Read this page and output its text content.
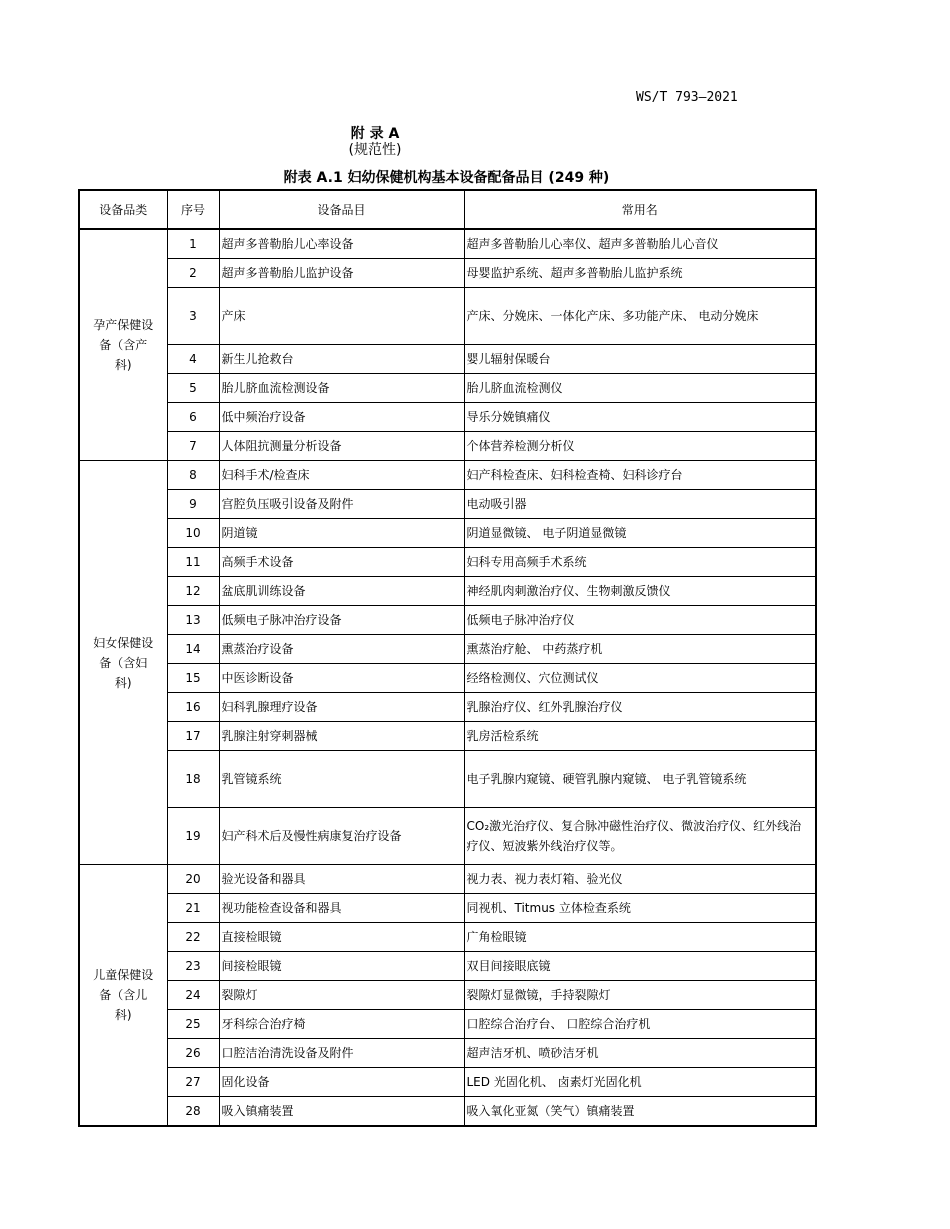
WS/T 793—2021
附 录 A
(规范性)
附表 A.1 妇幼保健机构基本设备配备品目 (249 种)
设备品类	序号	设备品目	常用名
孕产保健设备（含产科)	1	超声多普勒胎儿心率设备	超声多普勒胎儿心率仪、超声多普勒胎儿心音仪
	2	超声多普勒胎儿监护设备	母婴监护系统、超声多普勒胎儿监护系统
	3	产床	产床、分娩床、一体化产床、多功能产床、 电动分娩床
	4	新生儿抢救台	婴儿辐射保暖台
	5	胎儿脐血流检测设备	胎儿脐血流检测仪
	6	低中频治疗设备	导乐分娩镇痛仪
	7	人体阻抗测量分析设备	个体营养检测分析仪
妇女保健设备（含妇科)	8	妇科手术/检查床	妇产科检查床、妇科检查椅、妇科诊疗台
	9	宫腔负压吸引设备及附件	电动吸引器
	10	阴道镜	阴道显微镜、 电子阴道显微镜
	11	高频手术设备	妇科专用高频手术系统
	12	盆底肌训练设备	神经肌肉刺激治疗仪、生物刺激反馈仪
	13	低频电子脉冲治疗设备	低频电子脉冲治疗仪
	14	熏蒸治疗设备	熏蒸治疗舱、 中药蒸疗机
	15	中医诊断设备	经络检测仪、穴位测试仪
	16	妇科乳腺理疗设备	乳腺治疗仪、红外乳腺治疗仪
	17	乳腺注射穿刺器械	乳房活检系统
	18	乳管镜系统	电子乳腺内窥镜、硬管乳腺内窥镜、 电子乳管镜系统
	19	妇产科术后及慢性病康复治疗设备	CO₂激光治疗仪、复合脉冲磁性治疗仪、微波治疗仪、红外线治疗仪、短波紫外线治疗仪等。
儿童保健设备（含儿科)	20	验光设备和器具	视力表、视力表灯箱、验光仪
	21	视功能检查设备和器具	同视机、Titmus 立体检查系统
	22	直接检眼镜	广角检眼镜
	23	间接检眼镜	双目间接眼底镜
	24	裂隙灯	裂隙灯显微镜，手持裂隙灯
	25	牙科综合治疗椅	口腔综合治疗台、 口腔综合治疗机
	26	口腔洁治清洗设备及附件	超声洁牙机、喷砂洁牙机
	27	固化设备	LED 光固化机、 卤素灯光固化机
	28	吸入镇痛装置	吸入氧化亚氮（笑气）镇痛装置
